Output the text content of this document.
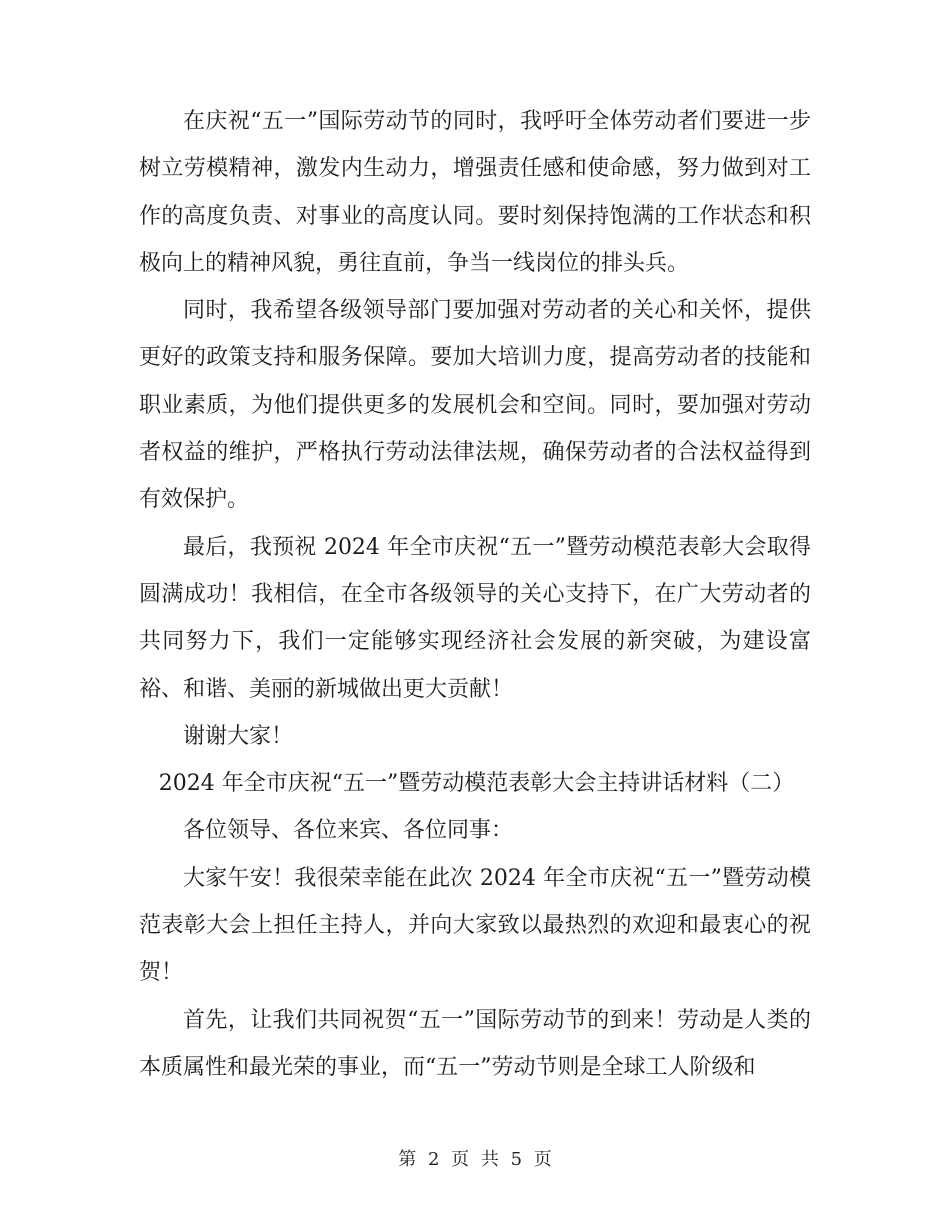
在庆祝“五一”国际劳动节的同时，我呼吁全体劳动者们要进一步树立劳模精神，激发内生动力，增强责任感和使命感，努力做到对工作的高度负责、对事业的高度认同。要时刻保持饱满的工作状态和积极向上的精神风貌，勇往直前，争当一线岗位的排头兵。

同时，我希望各级领导部门要加强对劳动者的关心和关怀，提供更好的政策支持和服务保障。要加大培训力度，提高劳动者的技能和职业素质，为他们提供更多的发展机会和空间。同时，要加强对劳动者权益的维护，严格执行劳动法律法规，确保劳动者的合法权益得到有效保护。

最后，我预祝 2024 年全市庆祝“五一”暨劳动模范表彰大会取得圆满成功！我相信，在全市各级领导的关心支持下，在广大劳动者的共同努力下，我们一定能够实现经济社会发展的新突破，为建设富裕、和谐、美丽的新城做出更大贡献！

谢谢大家！

2024 年全市庆祝“五一”暨劳动模范表彰大会主持讲话材料（二）

各位领导、各位来宾、各位同事：

大家午安！我很荣幸能在此次 2024 年全市庆祝“五一”暨劳动模范表彰大会上担任主持人，并向大家致以最热烈的欢迎和最衷心的祝贺！

首先，让我们共同祝贺“五一”国际劳动节的到来！劳动是人类的本质属性和最光荣的事业，而“五一”劳动节则是全球工人阶级和

第 2 页 共 5 页
